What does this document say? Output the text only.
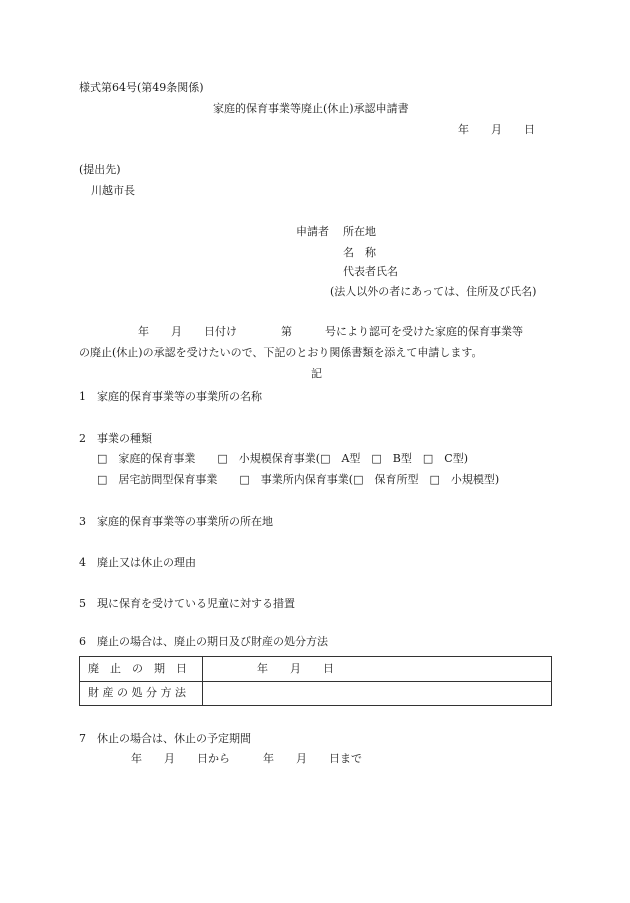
様式第64号(第49条関係)
家庭的保育事業等廃止(休止)承認申請書
年　　月　　日
(提出先)
川越市長
申請者 所在地
名　称
代表者氏名
(法人以外の者にあっては、住所及び氏名)
年　　月　　日付け　　　　第　　　号により認可を受けた家庭的保育事業等
の廃止(休止)の承認を受けたいので、下記のとおり関係書類を添えて申請します。
記
1　家庭的保育事業等の事業所の名称
2　事業の種類
□　家庭的保育事業　　□　小規模保育事業(□　A型　□　B型　□　C型)
□　居宅訪問型保育事業　　□　事業所内保育事業(□　保育所型　□　小規模型)
3　家庭的保育事業等の事業所の所在地
4　廃止又は休止の理由
5　現に保育を受けている児童に対する措置
6　廃止の場合は、廃止の期日及び財産の処分方法
廃　止　の　期　日	年　　月　　日
財 産 の 処 分 方 法
7　休止の場合は、休止の予定期間
年　　月　　日から　　　年　　月　　日まで
